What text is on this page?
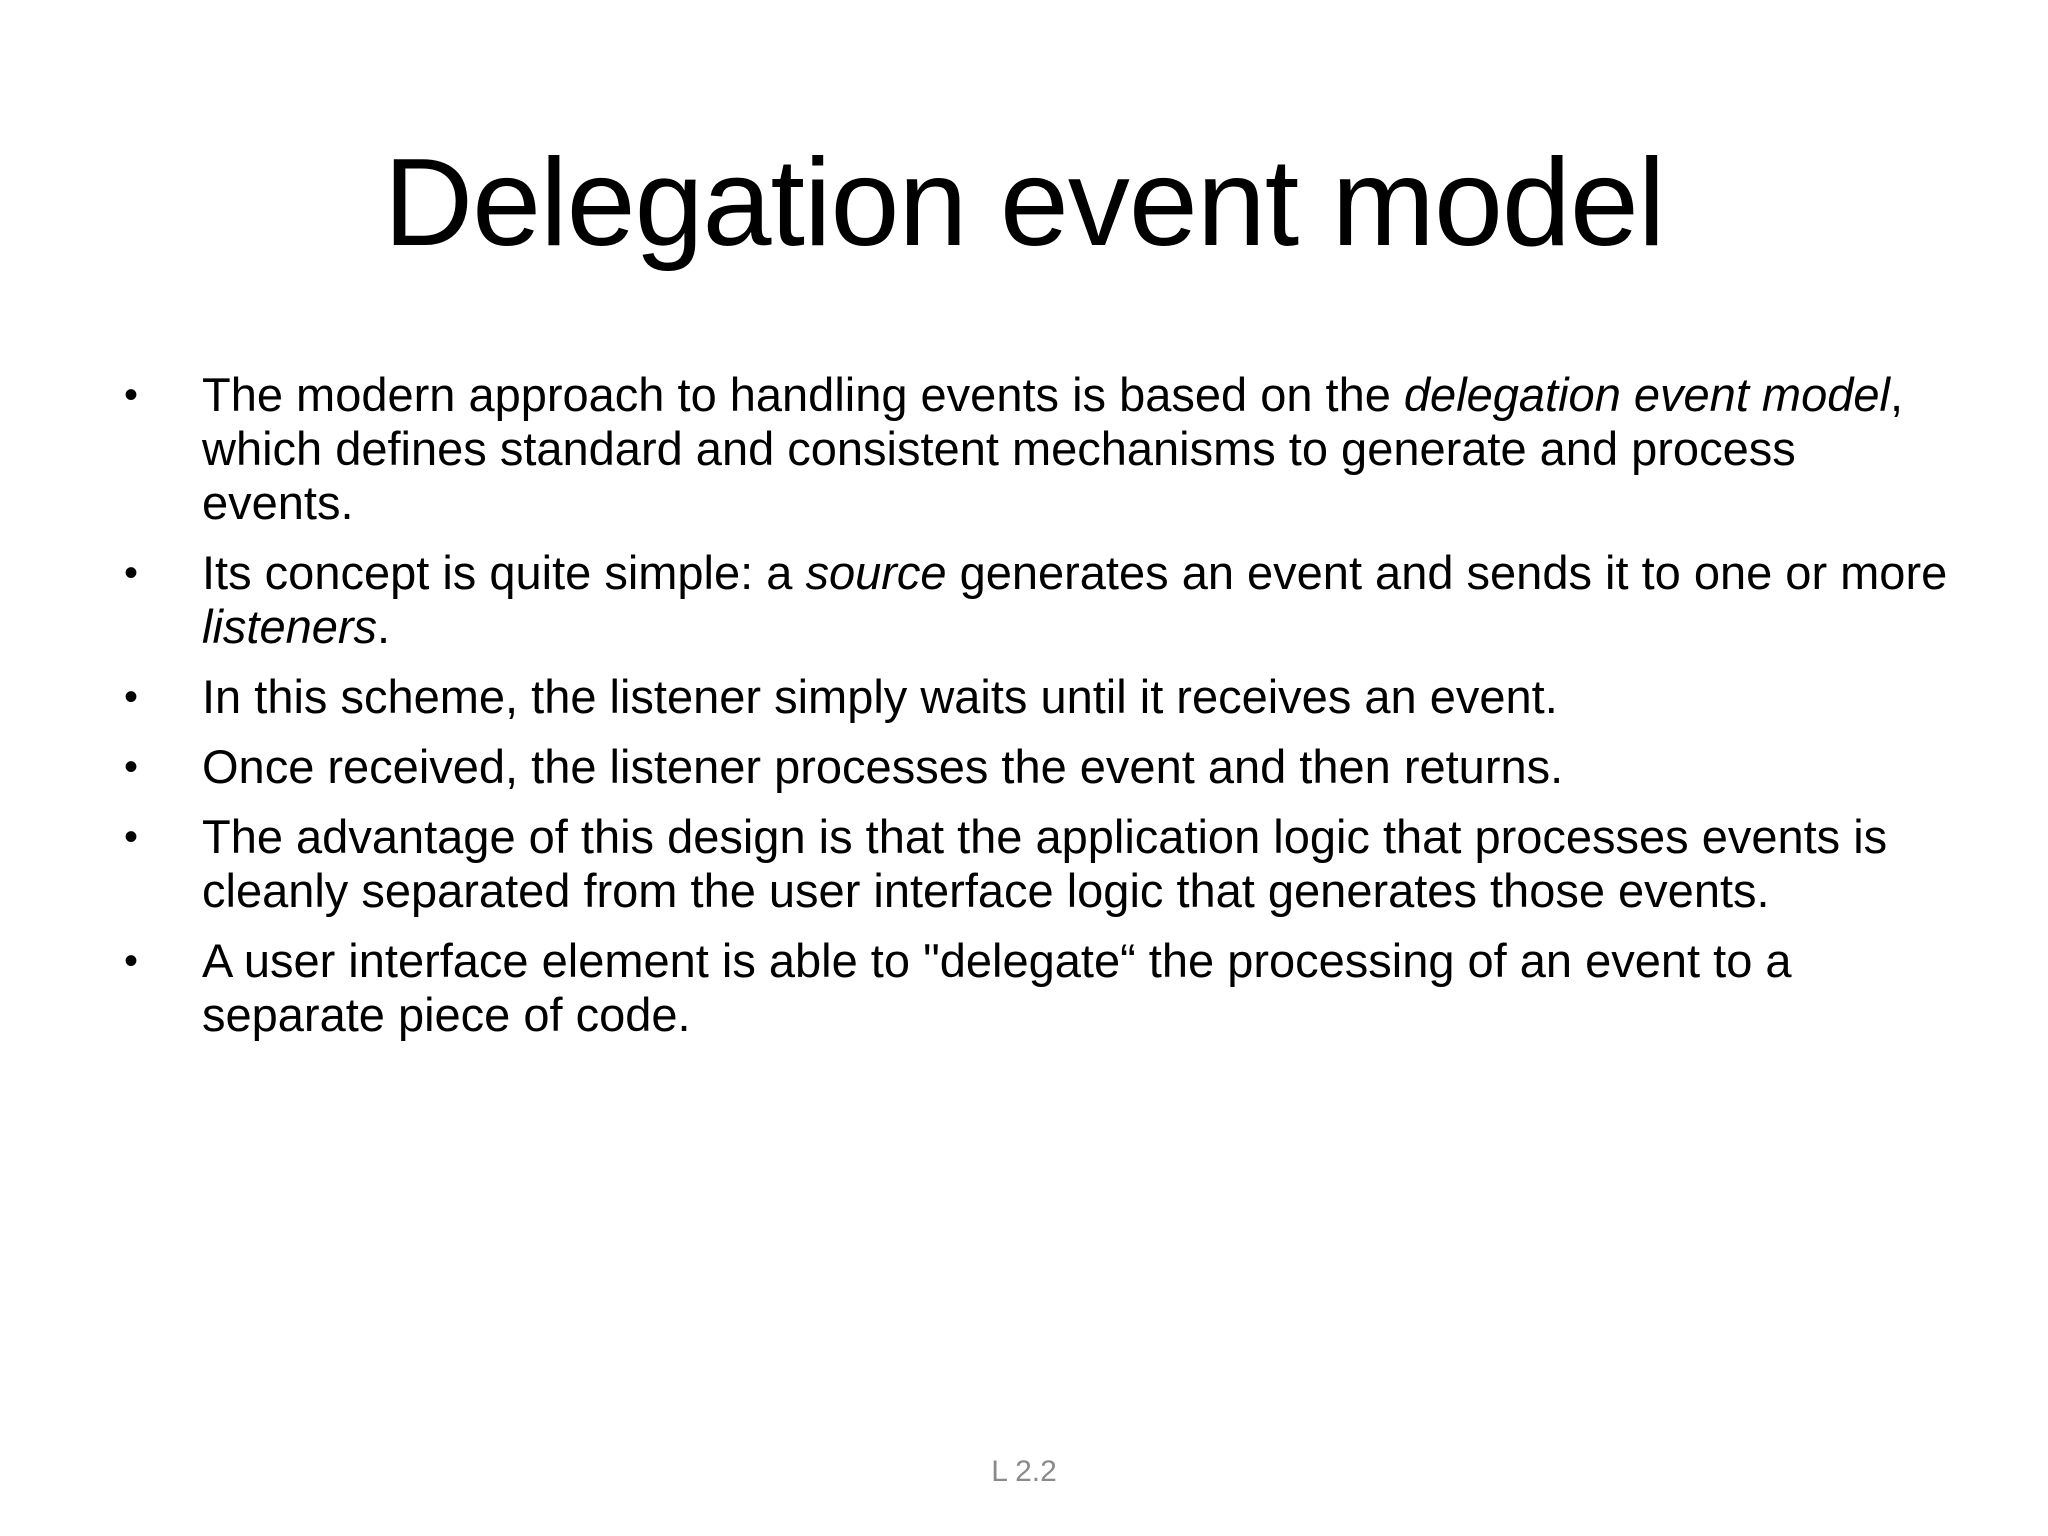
Delegation event model
•	The modern approach to handling events is based on the delegation event model, which defines standard and consistent mechanisms to generate and process events.
•	Its concept is quite simple: a source generates an event and sends it to one or more listeners.
•	In this scheme, the listener simply waits until it receives an event.
•	Once received, the listener processes the event and then returns.
•	The advantage of this design is that the application logic that processes events is cleanly separated from the user interface logic that generates those events.
•	A user interface element is able to "delegate“ the processing of an event to a separate piece of code.
L 2.2
